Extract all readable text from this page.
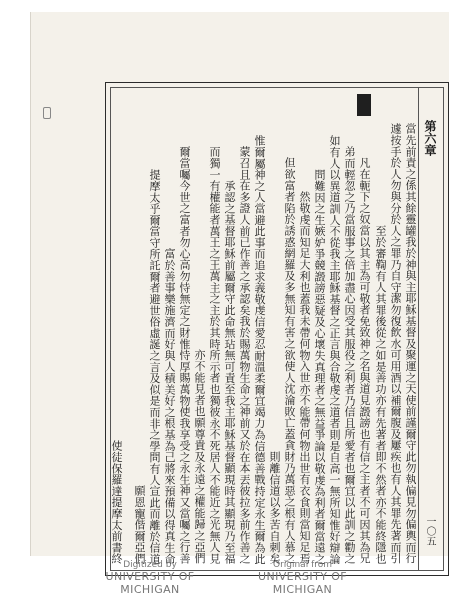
第六章
一〇五
當先前責之係其餘靈罐我於神與主耶穌基督及聚運之天使前謹爾守此勿執偏見勿偏輿而行
遽按手於人勿與分於人之罪乃自守潔勿復飲水可用酒以補爾腹及屢疾也有人其罪先著而引
至於審鞫有人其罪後從之如是善功亦有先著者即不然者亦不能終隱也
凡在軛下之奴當以其主為可敬者免致神之名與道見譭謗也有信之主者不可因其為兄
弟而輕忽之乃當服事之倍加盡心因受其服役之利者乃信且所愛者也爾宜以此訓之勸之
如有人以異道訓人不從我主耶穌基督之正言與合敬虔之道者則是自高一無所知惟好辯論
問難因之生嫉妒爭競譭謗惡疑及心壞失真理者之無益爭論以敬虔為利者爾當遠之
然敬虔而知足大利也蓋我未帶何物入世亦不能帶何物出世有衣食則當知足焉
但欲富者陷於誘惑網羅及多無知有害之欲使人沈淪敗亡蓋貪財乃萬惡之根有人慕之
則離信道以多苦自刺矣
惟爾屬神之人當避此事而追求義敬虔信愛忍耐溫柔爾宜竭力為信德善戰持定永生爾為此
蒙召且在多證人前已作善之承認矣我於賜萬物生命之神前又於在本丟彼拉多前作善之
承認之基督耶穌前屬爾守此命無玷無可責至我主耶穌基督顯現時其顯現乃至福
而獨一有權能者萬王之王萬主之主於其時所示者也獨彼永不死居人不能近之光無人見
亦不能見者也願尊貴及永遠之權能歸之亞們
爾當囑今世之富者勿心高勿恃無定之財惟恃厚賜萬物使我享受之永生神又當囑之行善
富於善事樂施濟而好與人積美好之根基為己將來預備以得真生命
提摩太乎爾當守所託爾者避世俗虛誕之言及似是而非之學問有人宣此而離於信道
願恩寵偕爾亞們
使徒保羅達提摩太前書終
Digitized by
UNIVERSITY OF MICHIGAN
Original from
UNIVERSITY OF MICHIGAN
